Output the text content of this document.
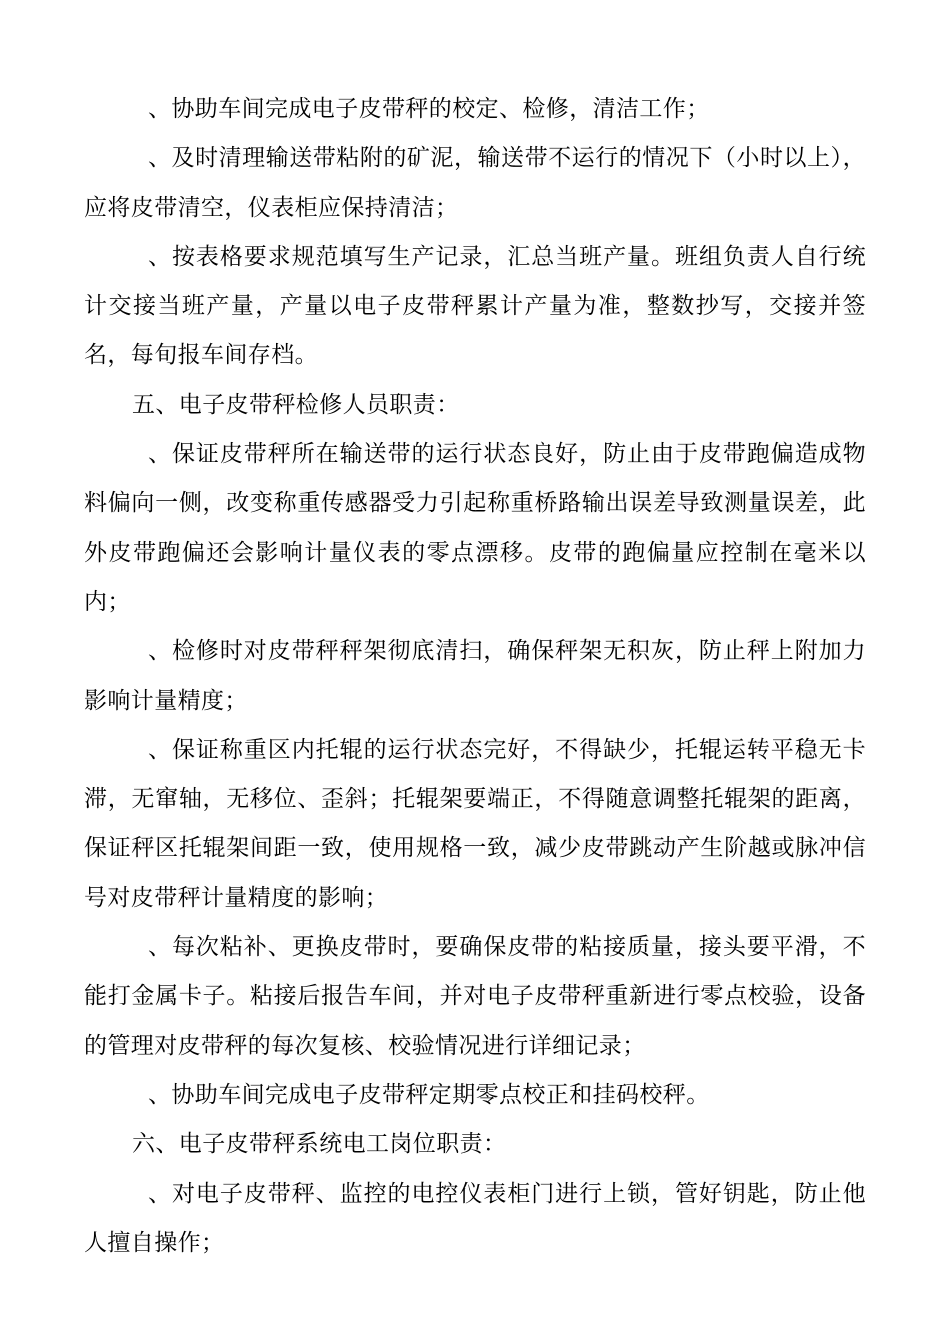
、协助车间完成电子皮带秤的校定、检修，清洁工作；

、及时清理输送带粘附的矿泥，输送带不运行的情况下（小时以上），应将皮带清空，仪表柜应保持清洁；

、按表格要求规范填写生产记录，汇总当班产量。班组负责人自行统计交接当班产量，产量以电子皮带秤累计产量为准，整数抄写，交接并签名，每旬报车间存档。

五、电子皮带秤检修人员职责：

、保证皮带秤所在输送带的运行状态良好，防止由于皮带跑偏造成物料偏向一侧，改变称重传感器受力引起称重桥路输出误差导致测量误差，此外皮带跑偏还会影响计量仪表的零点漂移。皮带的跑偏量应控制在毫米以内；

、检修时对皮带秤秤架彻底清扫，确保秤架无积灰，防止秤上附加力影响计量精度；

、保证称重区内托辊的运行状态完好，不得缺少，托辊运转平稳无卡滞，无窜轴，无移位、歪斜；托辊架要端正，不得随意调整托辊架的距离，保证秤区托辊架间距一致，使用规格一致，减少皮带跳动产生阶越或脉冲信号对皮带秤计量精度的影响；

、每次粘补、更换皮带时，要确保皮带的粘接质量，接头要平滑，不能打金属卡子。粘接后报告车间，并对电子皮带秤重新进行零点校验，设备的管理对皮带秤的每次复核、校验情况进行详细记录；

、协助车间完成电子皮带秤定期零点校正和挂码校秤。

六、电子皮带秤系统电工岗位职责：

、对电子皮带秤、监控的电控仪表柜门进行上锁，管好钥匙，防止他人擅自操作；
